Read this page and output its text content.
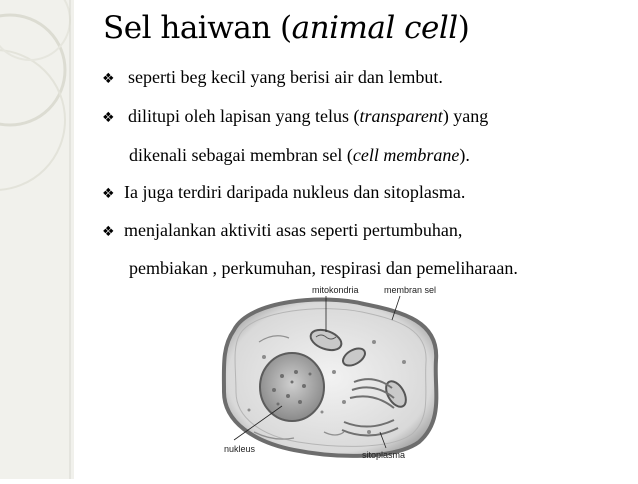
Sel haiwan (animal cell)
❖ seperti beg kecil yang berisi air dan lembut.
❖ dilitupi oleh lapisan yang telus (transparent) yang
dikenali sebagai membran sel (cell membrane).
❖ Ia juga terdiri daripada nukleus dan sitoplasma.
❖ menjalankan aktiviti asas seperti pertumbuhan,
pembiakan , perkumuhan, respirasi dan pemeliharaan.
mitokondria	membran sel
nukleus
sitoplasma
